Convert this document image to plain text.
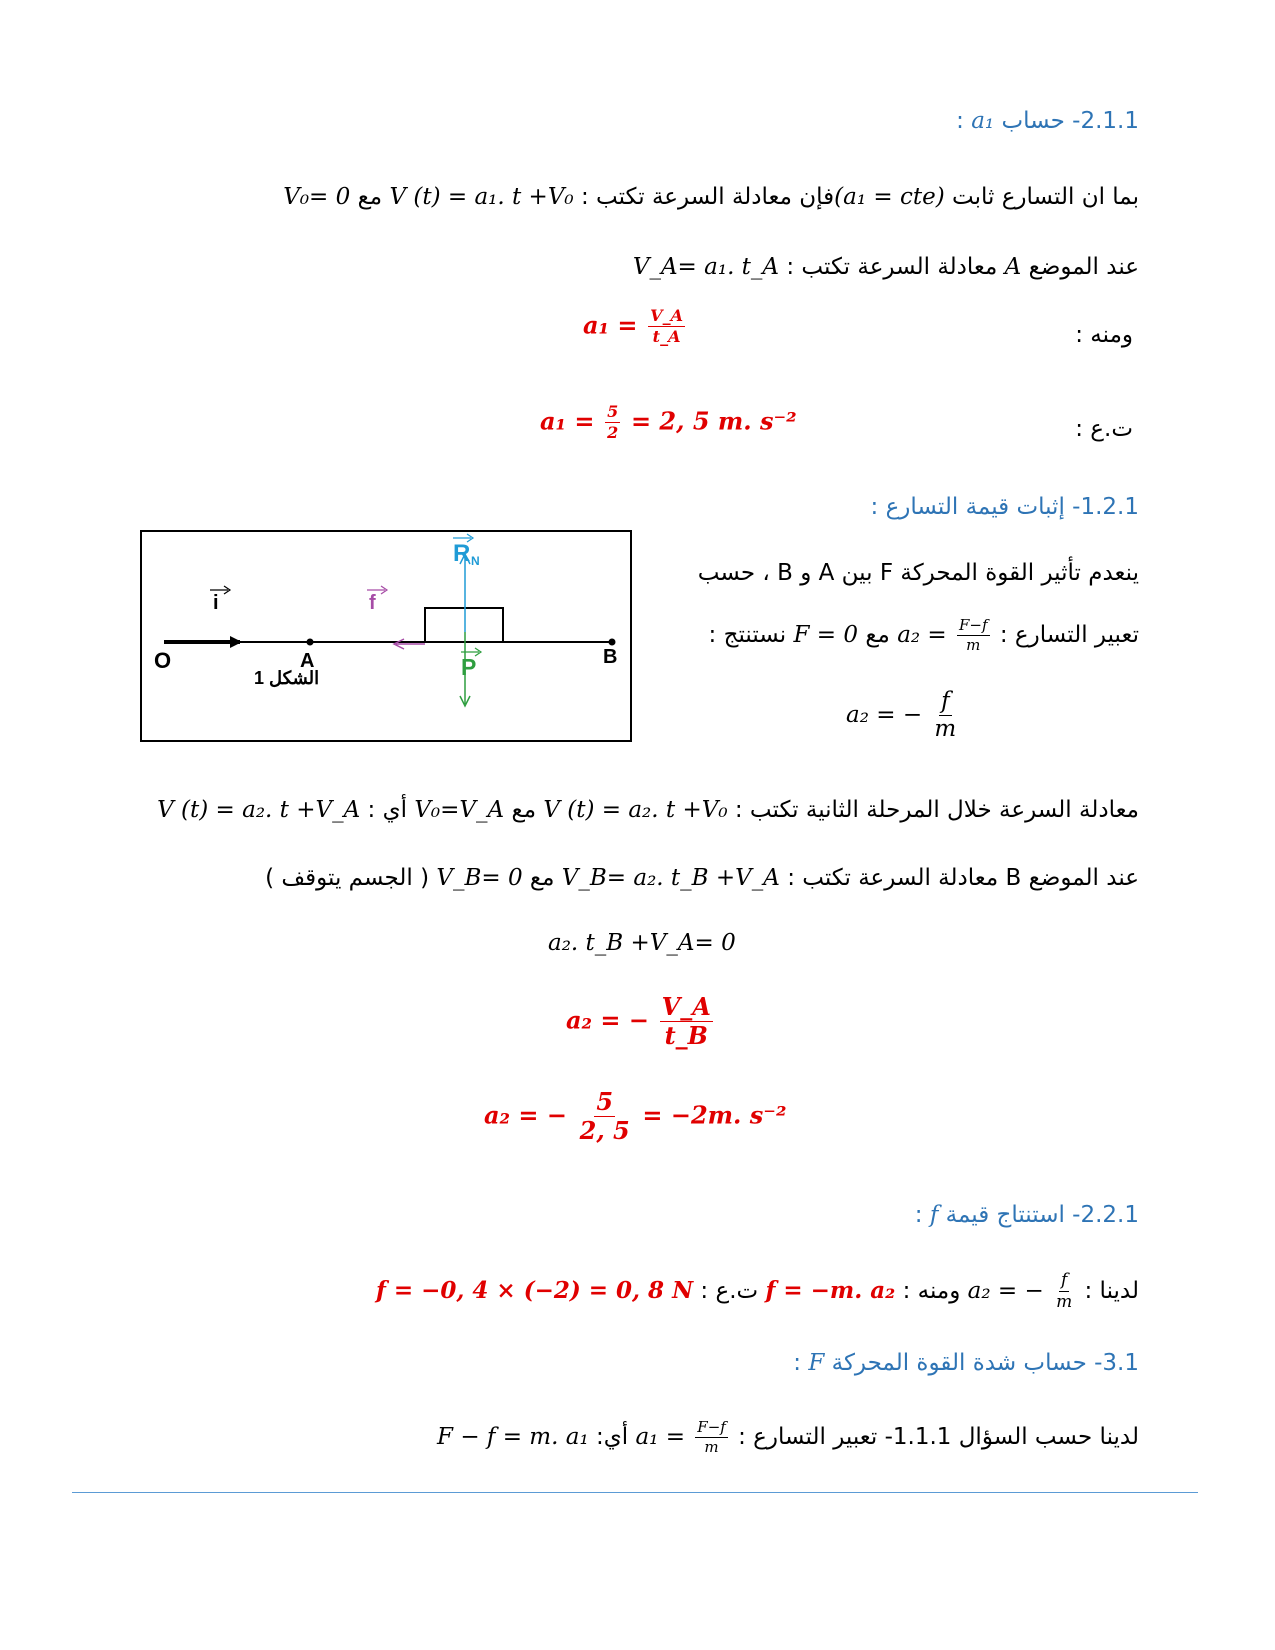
2.1.1- حساب a₁ :
بما ان التسارع ثابت (a₁ = cte)فإن معادلة السرعة تكتب : V (t) = a₁. t +V₀ مع V₀= 0
عند الموضع A معادلة السرعة تكتب : V_A= a₁. t_A
ومنه :
$a_1 = \frac{V\_A}{t\_A}$
ت.ع :
$a_1 = \frac{5}{2} = 2$, 5 m. s⁻²
1.2.1- إثبات قيمة التسارع :
O	A	B
i	f
R N
P
الشكل 1
ينعدم تأثير القوة المحركة F بين A و B ، حسب
تعبير التسارع : $a_2 = \frac{F-f}{m}$
مع F = 0 نستنتج :
a₂ = − $\frac{f}{m}$
معادلة السرعة خلال المرحلة الثانية تكتب : V (t) = a₂. t +V₀ مع V₀=V_A أي : V (t) = a₂. t +V_A
عند الموضع B معادلة السرعة تكتب : V_B= a₂. t_B +V_A مع V_B= 0 ( الجسم يتوقف )
a₂. t_B +V_A= 0
a₂ = − $\frac{V\_A}{t\_B}$
a₂ = − $\frac{5}{2, 5} = -2m$. s⁻²
2.2.1- استنتاج قيمة f :
لدينا : a₂ = − $\frac{f}{m}$
ومنه : f = −m. a₂ ت.ع : f = −0, 4 × (−2) = 0, 8 N
3.1- حساب شدة القوة المحركة F :
لدينا حسب السؤال 1.1.1- تعبير التسارع : $a_1 = \frac{F-f}{m}$
أي: F − f = m. a₁
